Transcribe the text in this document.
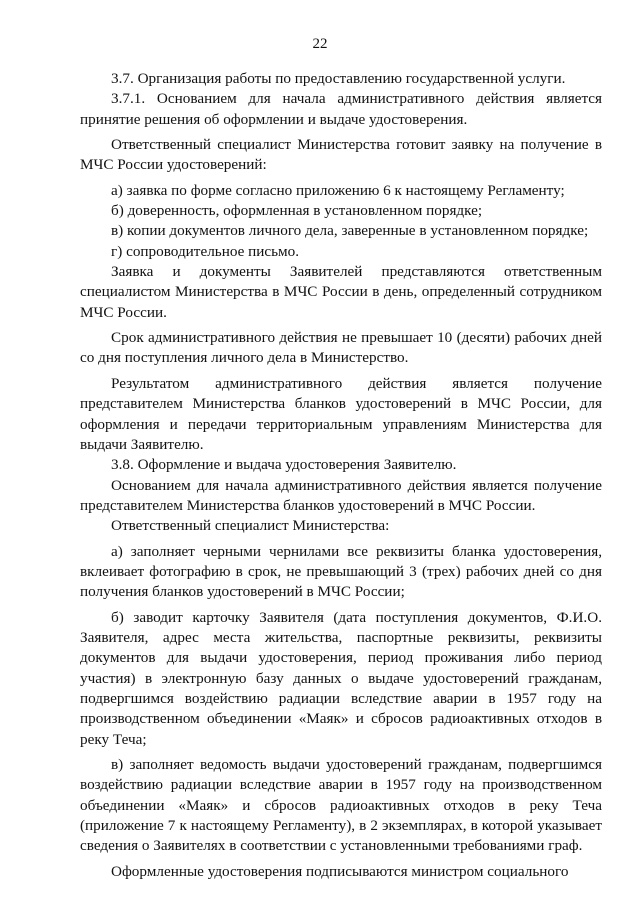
22

3.7. Организация работы по предоставлению государственной услуги.

3.7.1. Основанием для начала административного действия является принятие решения об оформлении и выдаче удостоверения.

Ответственный специалист Министерства готовит заявку на получение в МЧС России удостоверений:

а) заявка по форме согласно приложению 6 к настоящему Регламенту;

б) доверенность, оформленная в установленном порядке;

в) копии документов личного дела, заверенные в установленном порядке;

г) сопроводительное письмо.

Заявка и документы Заявителей представляются ответственным специалистом Министерства в МЧС России в день, определенный сотрудником МЧС России.

Срок административного действия не превышает 10 (десяти) рабочих дней со дня поступления личного дела в Министерство.

Результатом административного действия является получение представителем Министерства бланков удостоверений в МЧС России, для оформления и передачи территориальным управлениям Министерства для выдачи Заявителю.

3.8. Оформление и выдача удостоверения Заявителю.

Основанием для начала административного действия является получение представителем Министерства бланков удостоверений в МЧС России.

Ответственный специалист Министерства:

а) заполняет черными чернилами все реквизиты бланка удостоверения, вклеивает фотографию в срок, не превышающий 3 (трех) рабочих дней со дня получения бланков удостоверений в МЧС России;

б) заводит карточку Заявителя (дата поступления документов, Ф.И.О. Заявителя, адрес места жительства, паспортные реквизиты, реквизиты документов для выдачи удостоверения, период проживания либо период участия) в электронную базу данных о выдаче удостоверений гражданам, подвергшимся воздействию радиации вследствие аварии в 1957 году на производственном объединении «Маяк» и сбросов радиоактивных отходов в реку Теча;

в) заполняет ведомость выдачи удостоверений гражданам, подвергшимся воздействию радиации вследствие аварии в 1957 году на производственном объединении «Маяк» и сбросов радиоактивных отходов в реку Теча (приложение 7 к настоящему Регламенту), в 2 экземплярах, в которой указывает сведения о Заявителях в соответствии с установленными требованиями граф.

Оформленные удостоверения подписываются министром социального
